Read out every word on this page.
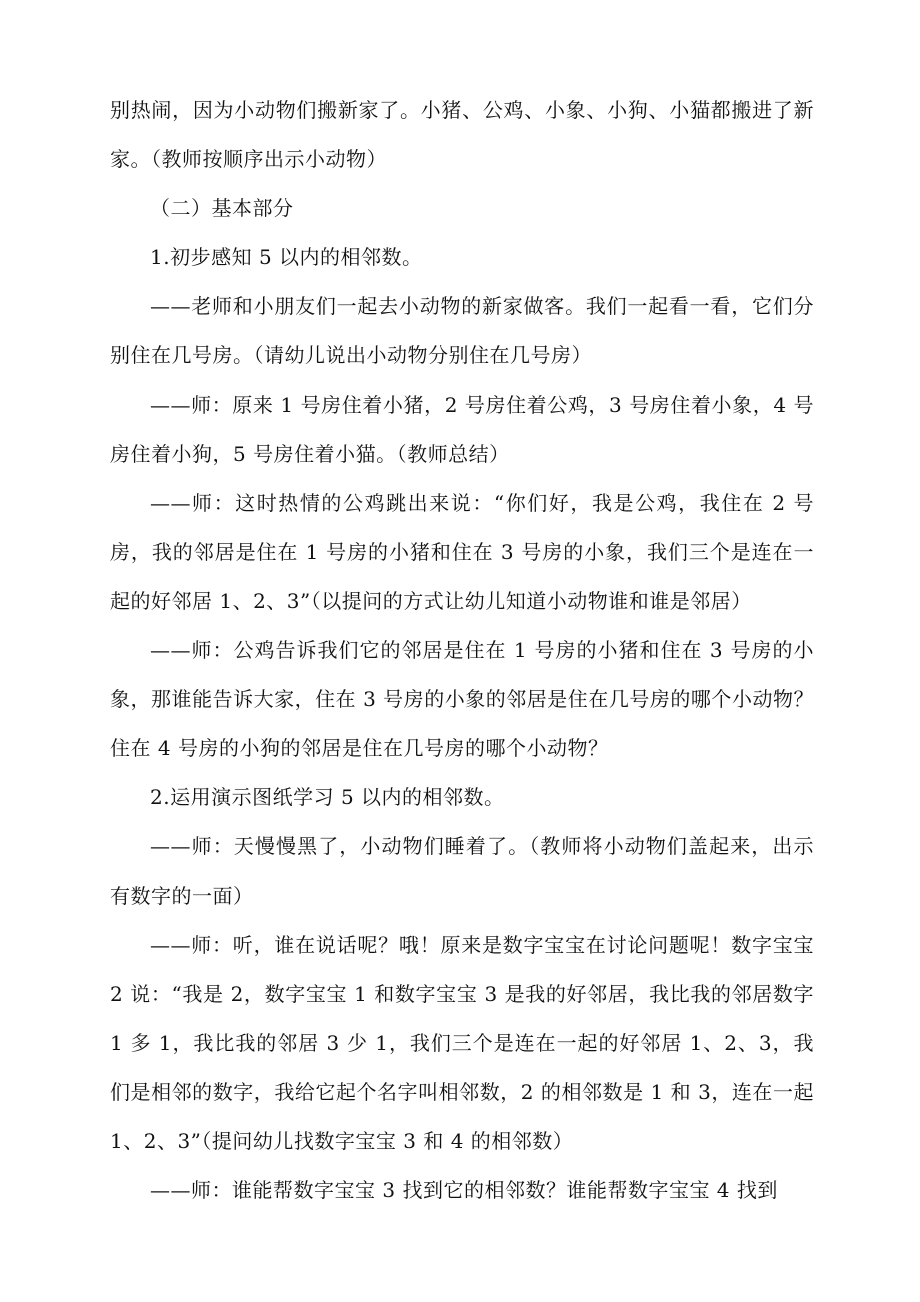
别热闹，因为小动物们搬新家了。小猪、公鸡、小象、小狗、小猫都搬进了新家。（教师按顺序出示小动物）

（二）基本部分

1.初步感知 5 以内的相邻数。

——老师和小朋友们一起去小动物的新家做客。我们一起看一看，它们分别住在几号房。（请幼儿说出小动物分别住在几号房）

——师：原来 1 号房住着小猪，2 号房住着公鸡，3 号房住着小象，4 号房住着小狗，5 号房住着小猫。（教师总结）

——师：这时热情的公鸡跳出来说：“你们好，我是公鸡，我住在 2 号房，我的邻居是住在 1 号房的小猪和住在 3 号房的小象，我们三个是连在一起的好邻居 1、2、3”（以提问的方式让幼儿知道小动物谁和谁是邻居）

——师：公鸡告诉我们它的邻居是住在 1 号房的小猪和住在 3 号房的小象，那谁能告诉大家，住在 3 号房的小象的邻居是住在几号房的哪个小动物？住在 4 号房的小狗的邻居是住在几号房的哪个小动物？

2.运用演示图纸学习 5 以内的相邻数。

——师：天慢慢黑了，小动物们睡着了。（教师将小动物们盖起来，出示有数字的一面）

——师：听，谁在说话呢？哦！原来是数字宝宝在讨论问题呢！数字宝宝 2 说：“我是 2，数字宝宝 1 和数字宝宝 3 是我的好邻居，我比我的邻居数字 1 多 1，我比我的邻居 3 少 1，我们三个是连在一起的好邻居 1、2、3，我们是相邻的数字，我给它起个名字叫相邻数，2 的相邻数是 1 和 3，连在一起 1、2、3”（提问幼儿找数字宝宝 3 和 4 的相邻数）

——师：谁能帮数字宝宝 3 找到它的相邻数？谁能帮数字宝宝 4 找到
